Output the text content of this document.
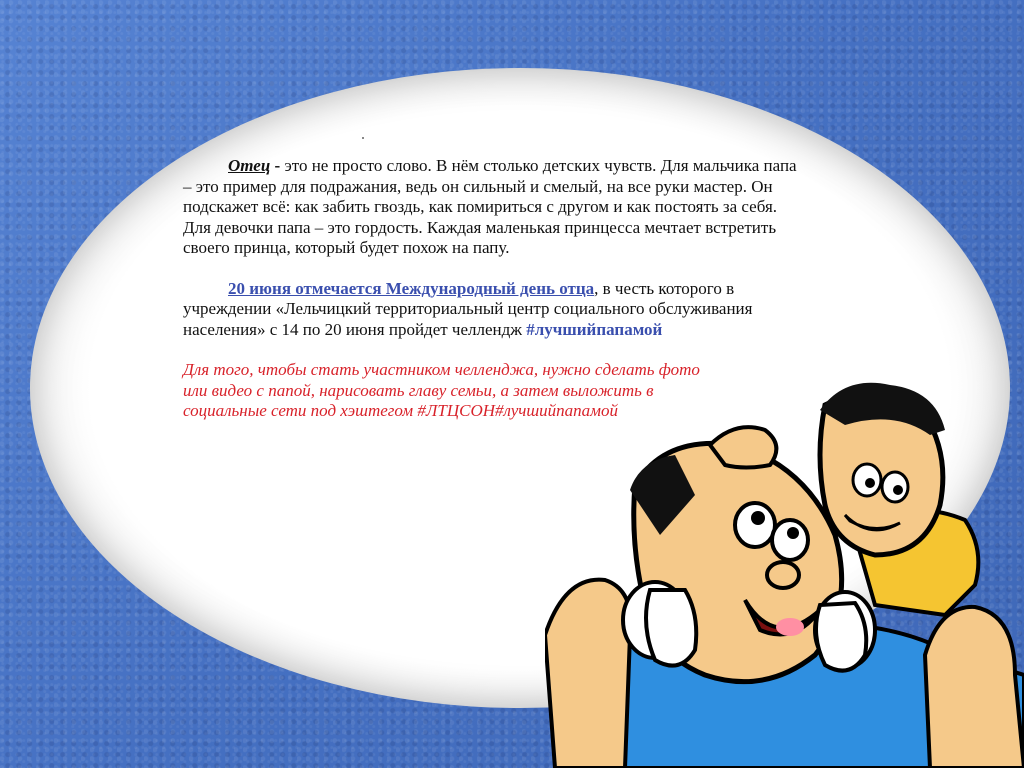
Отец - это не просто слово. В нём столько детских чувств. Для мальчика папа – это пример для подражания, ведь он сильный и смелый, на все руки мастер. Он подскажет всё: как забить гвоздь, как помириться с другом и как постоять за себя. Для девочки папа – это гордость. Каждая маленькая принцесса мечтает встретить своего принца, который будет похож на папу.

20 июня отмечается Международный день отца, в честь которого в учреждении «Лельчицкий территориальный центр социального обслуживания населения» с 14 по 20 июня пройдет челлендж #лучшийпапамой

Для того, чтобы стать участником челленджа, нужно сделать фото или видео с папой, нарисовать главу семьи, а затем выложить в социальные сети под хэштегом #ЛТЦСОН#лучшийпапамой
